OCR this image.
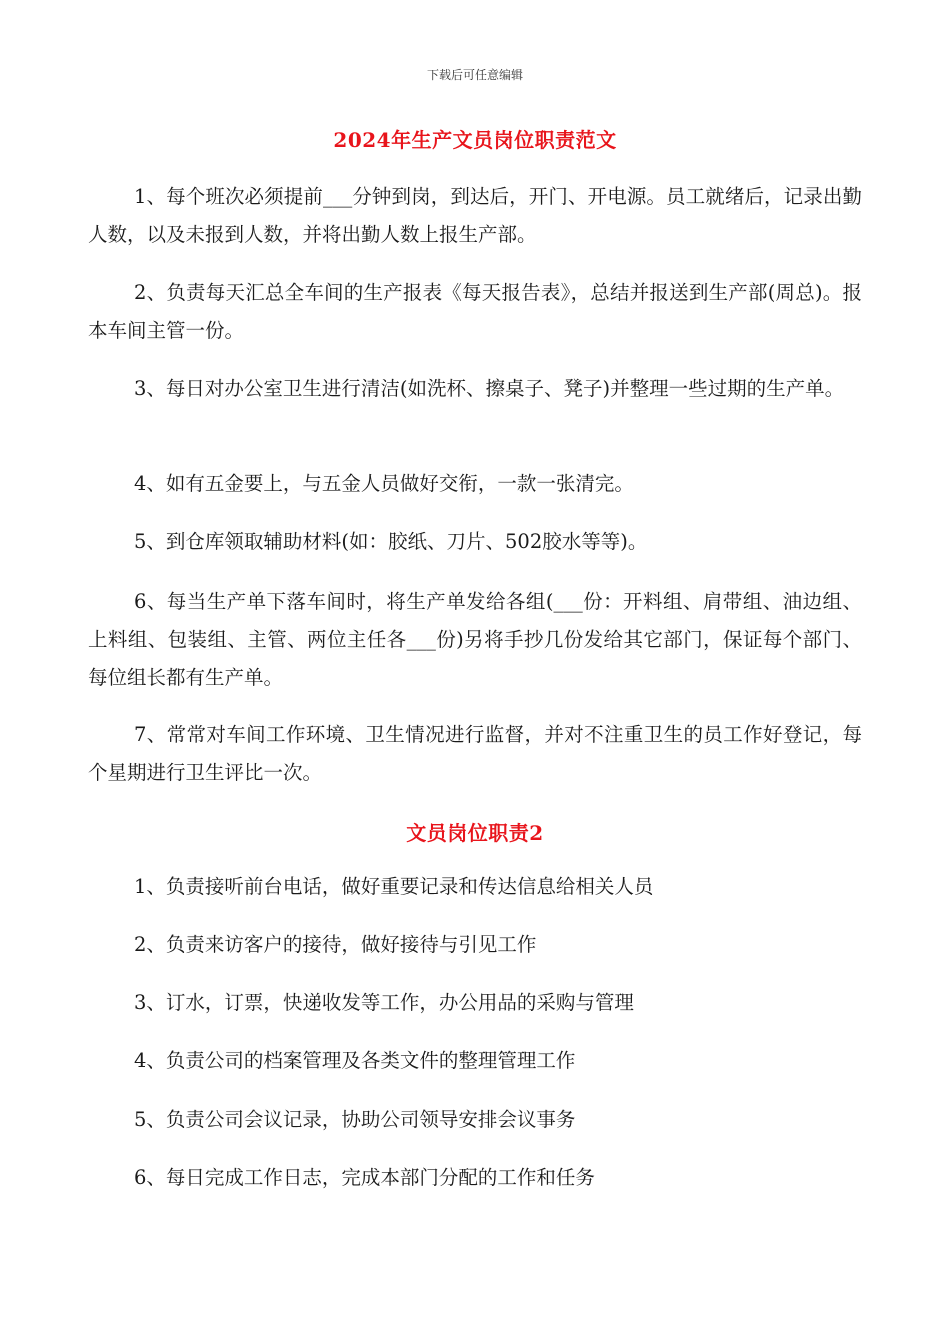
下载后可任意编辑
2024年生产文员岗位职责范文

1、每个班次必须提前___分钟到岗，到达后，开门、开电源。员工就绪后，记录出勤人数，以及未报到人数，并将出勤人数上报生产部。

2、负责每天汇总全车间的生产报表《每天报告表》，总结并报送到生产部(周总)。报本车间主管一份。

3、每日对办公室卫生进行清洁(如洗杯、擦桌子、凳子)并整理一些过期的生产单。

4、如有五金要上，与五金人员做好交衔，一款一张清完。

5、到仓库领取辅助材料(如：胶纸、刀片、502胶水等等)。

6、每当生产单下落车间时，将生产单发给各组(___份：开料组、肩带组、油边组、上料组、包装组、主管、两位主任各___份)另将手抄几份发给其它部门，保证每个部门、每位组长都有生产单。

7、常常对车间工作环境、卫生情况进行监督，并对不注重卫生的员工作好登记，每个星期进行卫生评比一次。

文员岗位职责2

1、负责接听前台电话，做好重要记录和传达信息给相关人员

2、负责来访客户的接待，做好接待与引见工作

3、订水，订票，快递收发等工作，办公用品的采购与管理

4、负责公司的档案管理及各类文件的整理管理工作

5、负责公司会议记录，协助公司领导安排会议事务

6、每日完成工作日志，完成本部门分配的工作和任务
